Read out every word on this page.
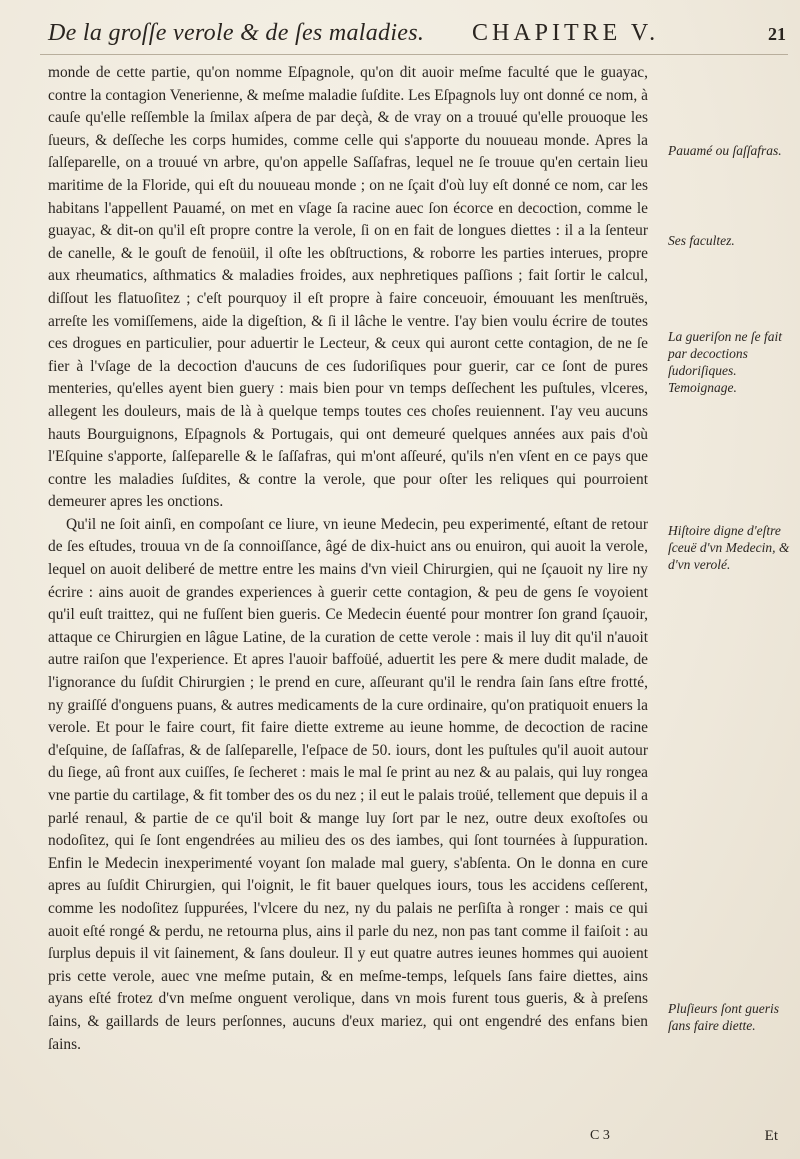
De la groſſe verole & de ſes maladies. CHAPITRE V.	21

monde de cette partie, qu'on nomme Eſpagnole, qu'on dit auoir meſme faculté que le guayac, contre la contagion Venerienne, & meſme maladie ſuſdite. Les Eſpagnols luy ont donné ce nom, à cauſe qu'elle reſſemble la ſmilax aſpera de par deçà, & de vray on a trouué qu'elle prouoque les ſueurs, & deſſeche les corps humides, comme celle qui s'apporte du nouueau monde. Apres la ſalſeparelle, on a trouué vn arbre, qu'on appelle Saſſafras, lequel ne ſe trouue qu'en certain lieu maritime de la Floride, qui eſt du nouueau monde ; on ne ſçait d'où luy eſt donné ce nom, car les habitans l'appellent Pauamé, on met en vſage ſa racine auec ſon écorce en decoction, comme le guayac, & dit-on qu'il eſt propre contre la verole, ſi on en fait de longues diettes : il a la ſenteur de canelle, & le gouſt de fenoüil, il oſte les obſtructions, & roborre les parties interues, propre aux rheumatics, aſthmatics & maladies froides, aux nephretiques paſſions ; fait ſortir le calcul, diſſout les flatuoſitez ; c'eſt pourquoy il eſt propre à faire conceuoir, émouuant les menſtruës, arreſte les vomiſſemens, aide la digeſtion, & ſi il lâche le ventre. I'ay bien voulu écrire de toutes ces drogues en particulier, pour aduertir le Lecteur, & ceux qui auront cette contagion, de ne ſe fier à l'vſage de la decoction d'aucuns de ces ſudoriſiques pour guerir, car ce ſont de pures menteries, qu'elles ayent bien guery : mais bien pour vn temps deſſechent les puſtules, vlceres, allegent les douleurs, mais de là à quelque temps toutes ces choſes reuiennent. I'ay veu aucuns hauts Bourguignons, Eſpagnols & Portugais, qui ont demeuré quelques années aux pais d'où l'Eſquine s'apporte, ſalſeparelle & le ſaſſafras, qui m'ont aſſeuré, qu'ils n'en vſent en ce pays que contre les maladies ſuſdites, & contre la verole, que pour oſter les reliques qui pourroient demeurer apres les onctions.

Qu'il ne ſoit ainſi, en compoſant ce liure, vn ieune Medecin, peu experimenté, eſtant de retour de ſes eſtudes, trouua vn de ſa connoiſſance, âgé de dix-huict ans ou enuiron, qui auoit la verole, lequel on auoit deliberé de mettre entre les mains d'vn vieil Chirurgien, qui ne ſçauoit ny lire ny écrire : ains auoit de grandes experiences à guerir cette contagion, & peu de gens ſe voyoient qu'il euſt traittez, qui ne fuſſent bien gueris. Ce Medecin éuenté pour montrer ſon grand ſçauoir, attaque ce Chirurgien en lâgue Latine, de la curation de cette verole : mais il luy dit qu'il n'auoit autre raiſon que l'experience. Et apres l'auoir baffoüé, aduertit les pere & mere dudit malade, de l'ignorance du ſuſdit Chirurgien ; le prend en cure, aſſeurant qu'il le rendra ſain ſans eſtre frotté, ny graiſſé d'onguens puans, & autres medicaments de la cure ordinaire, qu'on pratiquoit enuers la verole. Et pour le faire court, fit faire diette extreme au ieune homme, de decoction de racine d'eſquine, de ſaſſafras, & de ſalſeparelle, l'eſpace de 50. iours, dont les puſtules qu'il auoit autour du ſiege, aû front aux cuiſſes, ſe ſecheret : mais le mal ſe print au nez & au palais, qui luy rongea vne partie du cartilage, & fit tomber des os du nez ; il eut le palais troüé, tellement que depuis il a parlé renaul, & partie de ce qu'il boit & mange luy ſort par le nez, outre deux exoſtoſes ou nodoſitez, qui ſe ſont engendrées au milieu des os des iambes, qui ſont tournées à ſuppuration. Enfin le Medecin inexperimenté voyant ſon malade mal guery, s'abſenta. On le donna en cure apres au ſuſdit Chirurgien, qui l'oignit, le fit bauer quelques iours, tous les accidens ceſſerent, comme les nodoſitez ſuppurées, l'vlcere du nez, ny du palais ne perſiſta à ronger : mais ce qui auoit eſté rongé & perdu, ne retourna plus, ains il parle du nez, non pas tant comme il faiſoit : au ſurplus depuis il vit ſainement, & ſans douleur. Il y eut quatre autres ieunes hommes qui auoient pris cette verole, auec vne meſme putain, & en meſme-temps, leſquels ſans faire diettes, ains ayans eſté frotez d'vn meſme onguent verolique, dans vn mois furent tous gueris, & à preſens ſains, & gaillards de leurs perſonnes, aucuns d'eux mariez, qui ont engendré des enfans bien ſains.

Pauamé ou ſaſſafras.
Ses facultez.
La gueriſon ne ſe fait par decoctions ſudoriſiques. Temoignage.
Hiſtoire digne d'eſtre ſceuë d'vn Medecin, & d'vn verolé.
Pluſieurs ſont gueris ſans faire diette.
C 3	Et
